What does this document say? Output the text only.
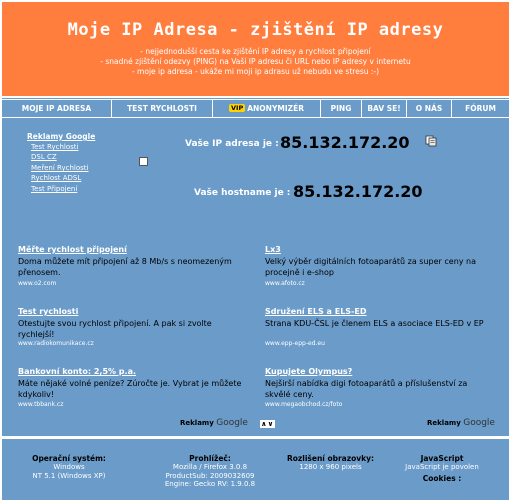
Moje IP Adresa - zjištění IP adresy
- nejjednodušší cesta ke zjištění IP adresy a rychlost připojení
- snadné zjištění odezvy (PING) na Vaší IP adresu či URL nebo IP adresy v internetu
- moje ip adresa - ukáže mi moji ip adrasu už nebudu ve stresu :-)
MOJE IP ADRESA	TEST RYCHLOSTI	VIP ANONYMIZÉR	PING	BAV SE!	O NÁS	FÓRUM
Reklamy Google
Test Rychlosti
DSL CZ
Meření Rychlosti
Rychlost ADSL
Test Připojení
Vaše IP adresa je : 85.132.172.20
Vaše hostname je : 85.132.172.20
Měřte rychlost připojení
Doma můžete mít připojení až 8 Mb/s s neomezeným přenosem.
www.o2.com
Lx3
Velký výběr digitálních fotoaparátů za super ceny na procejně i e-shop
www.afoto.cz
Test rychlosti
Otestujte svou rychlost připojení. A pak si zvolte rychlejší!
www.radiokomunikace.cz
Sdružení ELS a ELS-ED
Strana KDU-ČSL je členem ELS a asociace ELS-ED v EP
www.epp-epp-ed.eu
Bankovní konto: 2,5% p.a.
Máte nějaké volné peníze? Zúročte je. Vybrat je můžete kdykoliv!
www.tbbank.cz
Kupujete Olympus?
Nejširší nabídka digi fotoaparátů a příslušenství za skvělé ceny.
www.megaobchod.cz/foto
Reklamy Google ∧∨	Reklamy Google
Operační systém:
Windows
NT 5.1 (Windows XP)
Prohlížeč:
Mozilla / Firefox 3.0.8
ProductSub: 2009032609
Engine: Gecko RV: 1.9.0.8
Rozlišení obrazovky:
1280 x 960 pixels
JavaScript
JavaScript je povolen
Cookies :
